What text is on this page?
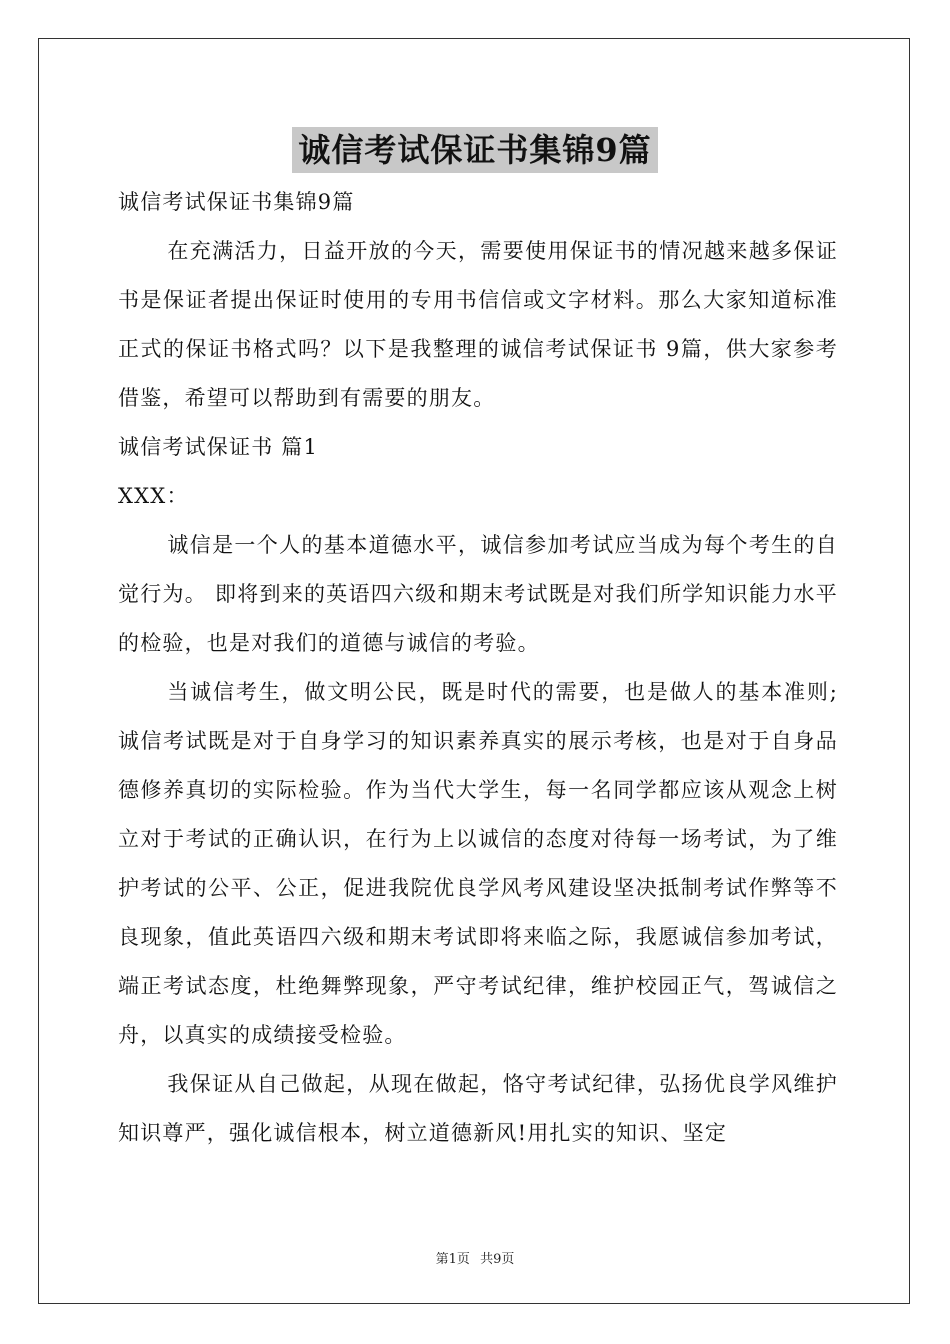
诚信考试保证书集锦9篇

诚信考试保证书集锦9篇

在充满活力，日益开放的今天，需要使用保证书的情况越来越多保证书是保证者提出保证时使用的专用书信信或文字材料。那么大家知道标准正式的保证书格式吗？以下是我整理的诚信考试保证书 9篇，供大家参考借鉴，希望可以帮助到有需要的朋友。

诚信考试保证书 篇1

XXX：

诚信是一个人的基本道德水平，诚信参加考试应当成为每个考生的自觉行为。 即将到来的英语四六级和期末考试既是对我们所学知识能力水平的检验，也是对我们的道德与诚信的考验。

当诚信考生，做文明公民，既是时代的需要，也是做人的基本准则;诚信考试既是对于自身学习的知识素养真实的展示考核，也是对于自身品德修养真切的实际检验。作为当代大学生，每一名同学都应该从观念上树立对于考试的正确认识，在行为上以诚信的态度对待每一场考试，为了维护考试的公平、公正，促进我院优良学风考风建设坚决抵制考试作弊等不良现象，值此英语四六级和期末考试即将来临之际，我愿诚信参加考试，端正考试态度，杜绝舞弊现象，严守考试纪律，维护校园正气，驾诚信之舟，以真实的成绩接受检验。

我保证从自己做起，从现在做起，恪守考试纪律，弘扬优良学风维护知识尊严，强化诚信根本，树立道德新风!用扎实的知识、坚定

第1页 共9页
